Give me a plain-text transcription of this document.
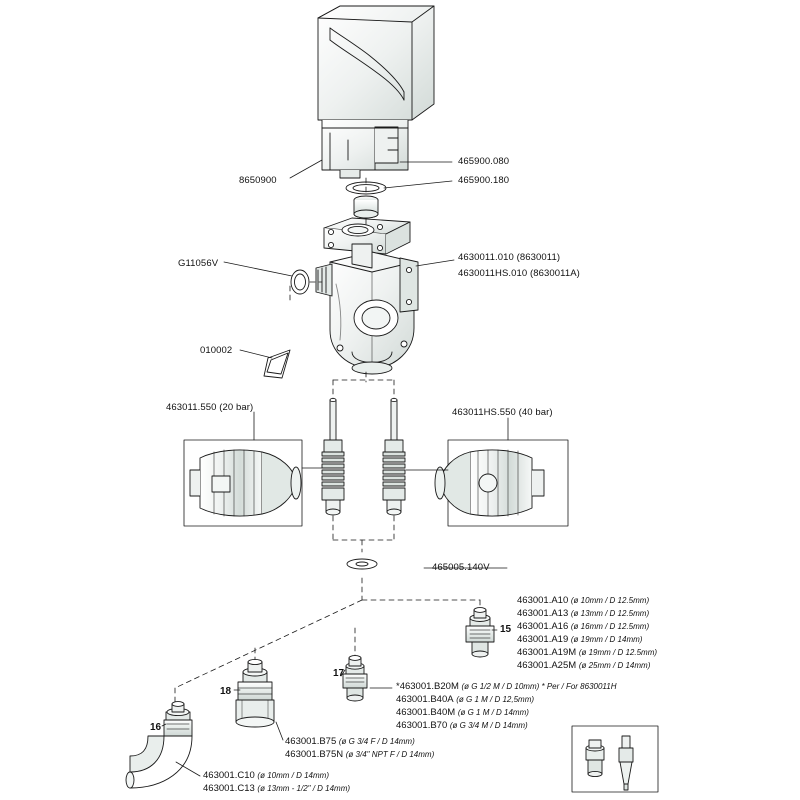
8650900
465900.080
465900.180
G11056V
4630011.010 (8630011)
4630011HS.010 (8630011A)
010002
463011.550 (20 bar)	463011HS.550 (40 bar)
465005.140V
15
16
17
18
463001.A10 (ø 10mm / D 12.5mm)
463001.A13 (ø 13mm / D 12.5mm)
463001.A16 (ø 16mm / D 12.5mm)
463001.A19 (ø 19mm / D 14mm)
463001.A19M (ø 19mm / D 12.5mm)
463001.A25M (ø 25mm / D 14mm)
*463001.B20M (ø G 1/2 M / D 10mm) * Per / For 8630011H
463001.B40A (ø G 1 M / D 12,5mm)
463001.B40M (ø G 1 M / D 14mm)
463001.B70 (ø G 3/4 M / D 14mm)
463001.B75 (ø G 3/4 F / D 14mm)
463001.B75N (ø 3/4" NPT F / D 14mm)
463001.C10 (ø 10mm / D 14mm)
463001.C13 (ø 13mm - 1/2" / D 14mm)
